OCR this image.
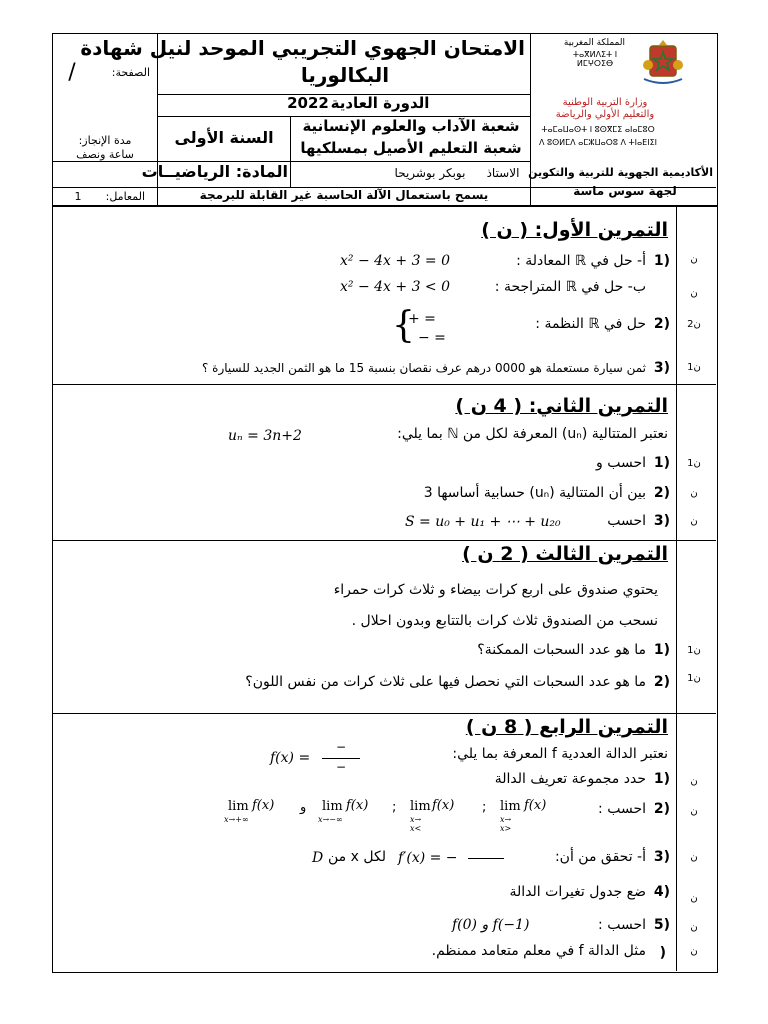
المملكة المغربية
ⵜⴰⴳⵍⴷⵉⵜ ⵏ ⵍⵎⵖⵔⵉⴱ
وزارة التربية الوطنية
والتعليم الأولي والرياضة
ⵜⴰⵎⴰⵡⴰⵙⵜ ⵏ ⵓⵙⴳⵎⵉ ⴰⵏⴰⵎⵓⵔ
ⴷ ⵓⵙⵍⵎⴷ ⴰⵎⵣⵡⴰⵔⵓ ⴷ ⵜⵏⴰⴹⵏⵉⵏ
الأكاديمية الجهوية للتربية والتكوين
لجهة سوس ماسة
الامتحان الجهوي التجريبي الموحد لنيل شهادة
البكالوريا
الدورة العادية
2022
شعبة الآداب والعلوم الإنسانية
شعبة التعليم الأصيل بمسلكيها
السنة الأولى
الاستاذ
بوبكر بوشريحا
المادة: الرياضيــات
يسمح باستعمال الآلة الحاسبة غير القابلة للبرمجة
الصفحة:
/
مدة الإنجاز:
ساعة ونصف
المعامل:
1
التمرين الأول: ( ن )
1)
أ- حل في ℝ المعادلة :
x² − 4x + 3 = 0
ب- حل في ℝ المتراجحة :
x² − 4x + 3 < 0
2)
حل في ℝ النظمة :
{
+ =
− =
3)
ثمن سيارة مستعملة هو 0000 درهم عرف نقصان بنسبة 15 ما هو الثمن الجديد للسيارة ؟
ن
ن
2ن
1ن
التمرين الثاني: ( 4 ن )
نعتبر المتتالية (uₙ) المعرفة لكل من ℕ بما يلي:
uₙ = 3n+2
1)
احسب و
2)
بين أن المتتالية (uₙ) حسابية أساسها 3
3)
احسب
S = u₀ + u₁ + ⋯ + u₂₀
1ن
ن
ن
التمرين الثالث ( 2 ن )
يحتوي صندوق على اربع كرات بيضاء و ثلاث كرات حمراء
نسحب من الصندوق ثلاث كرات بالتتابع وبدون احلال .
1)
ما هو عدد السحبات الممكنة؟
2)
ما هو عدد السحبات التي نحصل فيها على ثلاث كرات من نفس اللون؟
1ن
1ن
التمرين الرابع ( 8 ن )
نعتبر الدالة العددية f المعرفة بما يلي:
f(x) =
−
−
1)
حدد مجموعة تعريف الدالة
2)
احسب :
lim f(x)
x→ x>
;
lim f(x)
x→ x<
;
lim f(x)
x→−∞
و
lim f(x)
x→+∞
3)
أ- تحقق من أن:
f′(x) = −
لكل x من
D
4)
ضع جدول تغيرات الدالة
5)
احسب :
f(0) و f(−1)
)
مثل الدالة f في معلم متعامد ممنظم.
ن
ن
ن
ن
ن
ن
